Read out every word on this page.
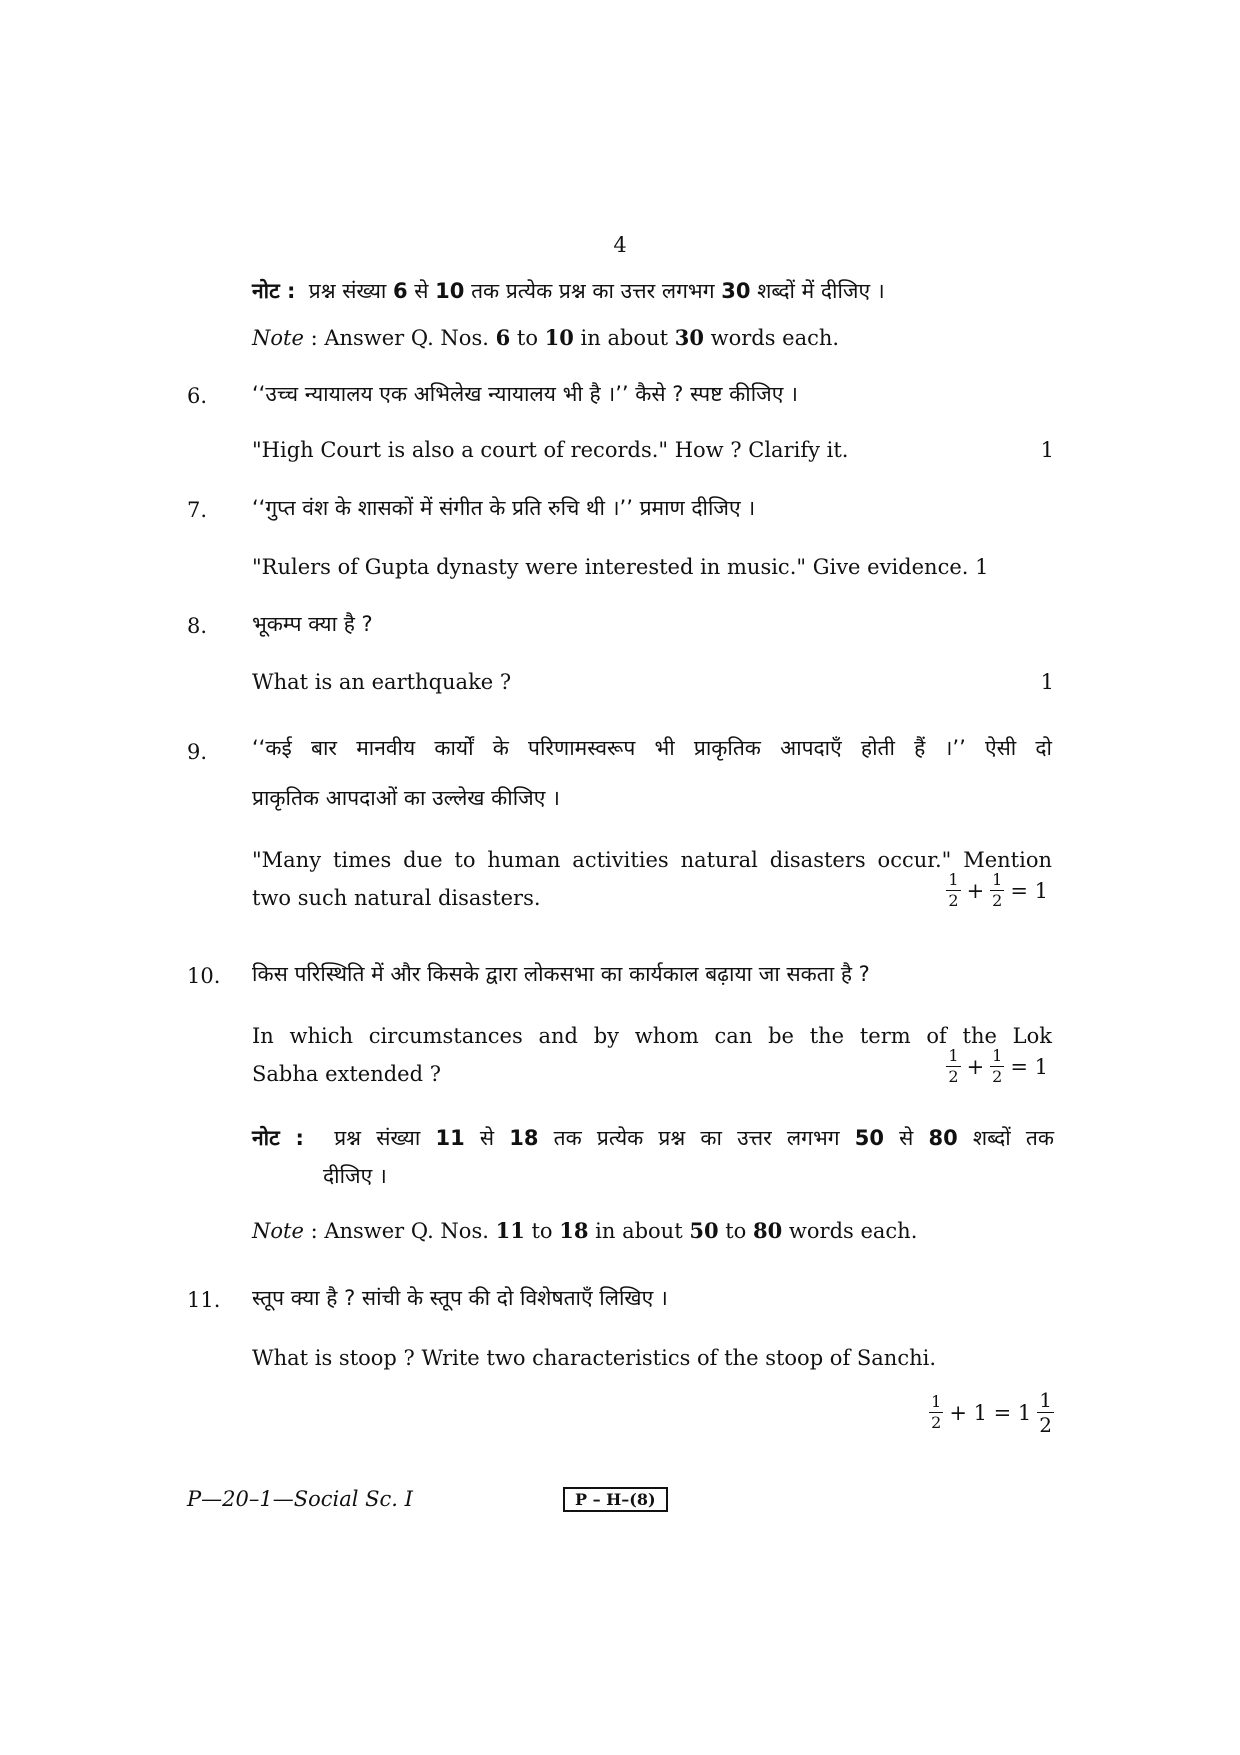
4
नोट : प्रश्न संख्या 6 से 10 तक प्रत्येक प्रश्न का उत्तर लगभग 30 शब्दों में दीजिए ।
Note : Answer Q. Nos. 6 to 10 in about 30 words each.
6. ‘‘उच्च न्यायालय एक अभिलेख न्यायालय भी है ।’’ कैसे ? स्पष्ट कीजिए ।
"High Court is also a court of records." How ? Clarify it.	1
7. ‘‘गुप्त वंश के शासकों में संगीत के प्रति रुचि थी ।’’ प्रमाण दीजिए ।
"Rulers of Gupta dynasty were interested in music." Give evidence. 1
8. भूकम्प क्या है ?
What is an earthquake ?	1
9. ‘‘कई बार मानवीय कार्यों के परिणामस्वरूप भी प्राकृतिक आपदाएँ होती हैं ।’’ ऐसी दो
प्राकृतिक आपदाओं का उल्लेख कीजिए ।
"Many times due to human activities natural disasters occur." Mention
two such natural disasters.	$\frac{1}{2} + \frac{1}{2} = 1$
10. किस परिस्थिति में और किसके द्वारा लोकसभा का कार्यकाल बढ़ाया जा सकता है ?
In which circumstances and by whom can be the term of the Lok
Sabha extended ?	$\frac{1}{2} + \frac{1}{2} = 1$
नोट : प्रश्न संख्या 11 से 18 तक प्रत्येक प्रश्न का उत्तर लगभग 50 से 80 शब्दों तक
दीजिए ।
Note : Answer Q. Nos. 11 to 18 in about 50 to 80 words each.
11. स्तूप क्या है ? सांची के स्तूप की दो विशेषताएँ लिखिए ।
What is stoop ? Write two characteristics of the stoop of Sanchi.
$\frac{1}{2} + 1 = 1 \frac{1}{2}$
P—20–1—Social Sc. I	P – H–(8)
